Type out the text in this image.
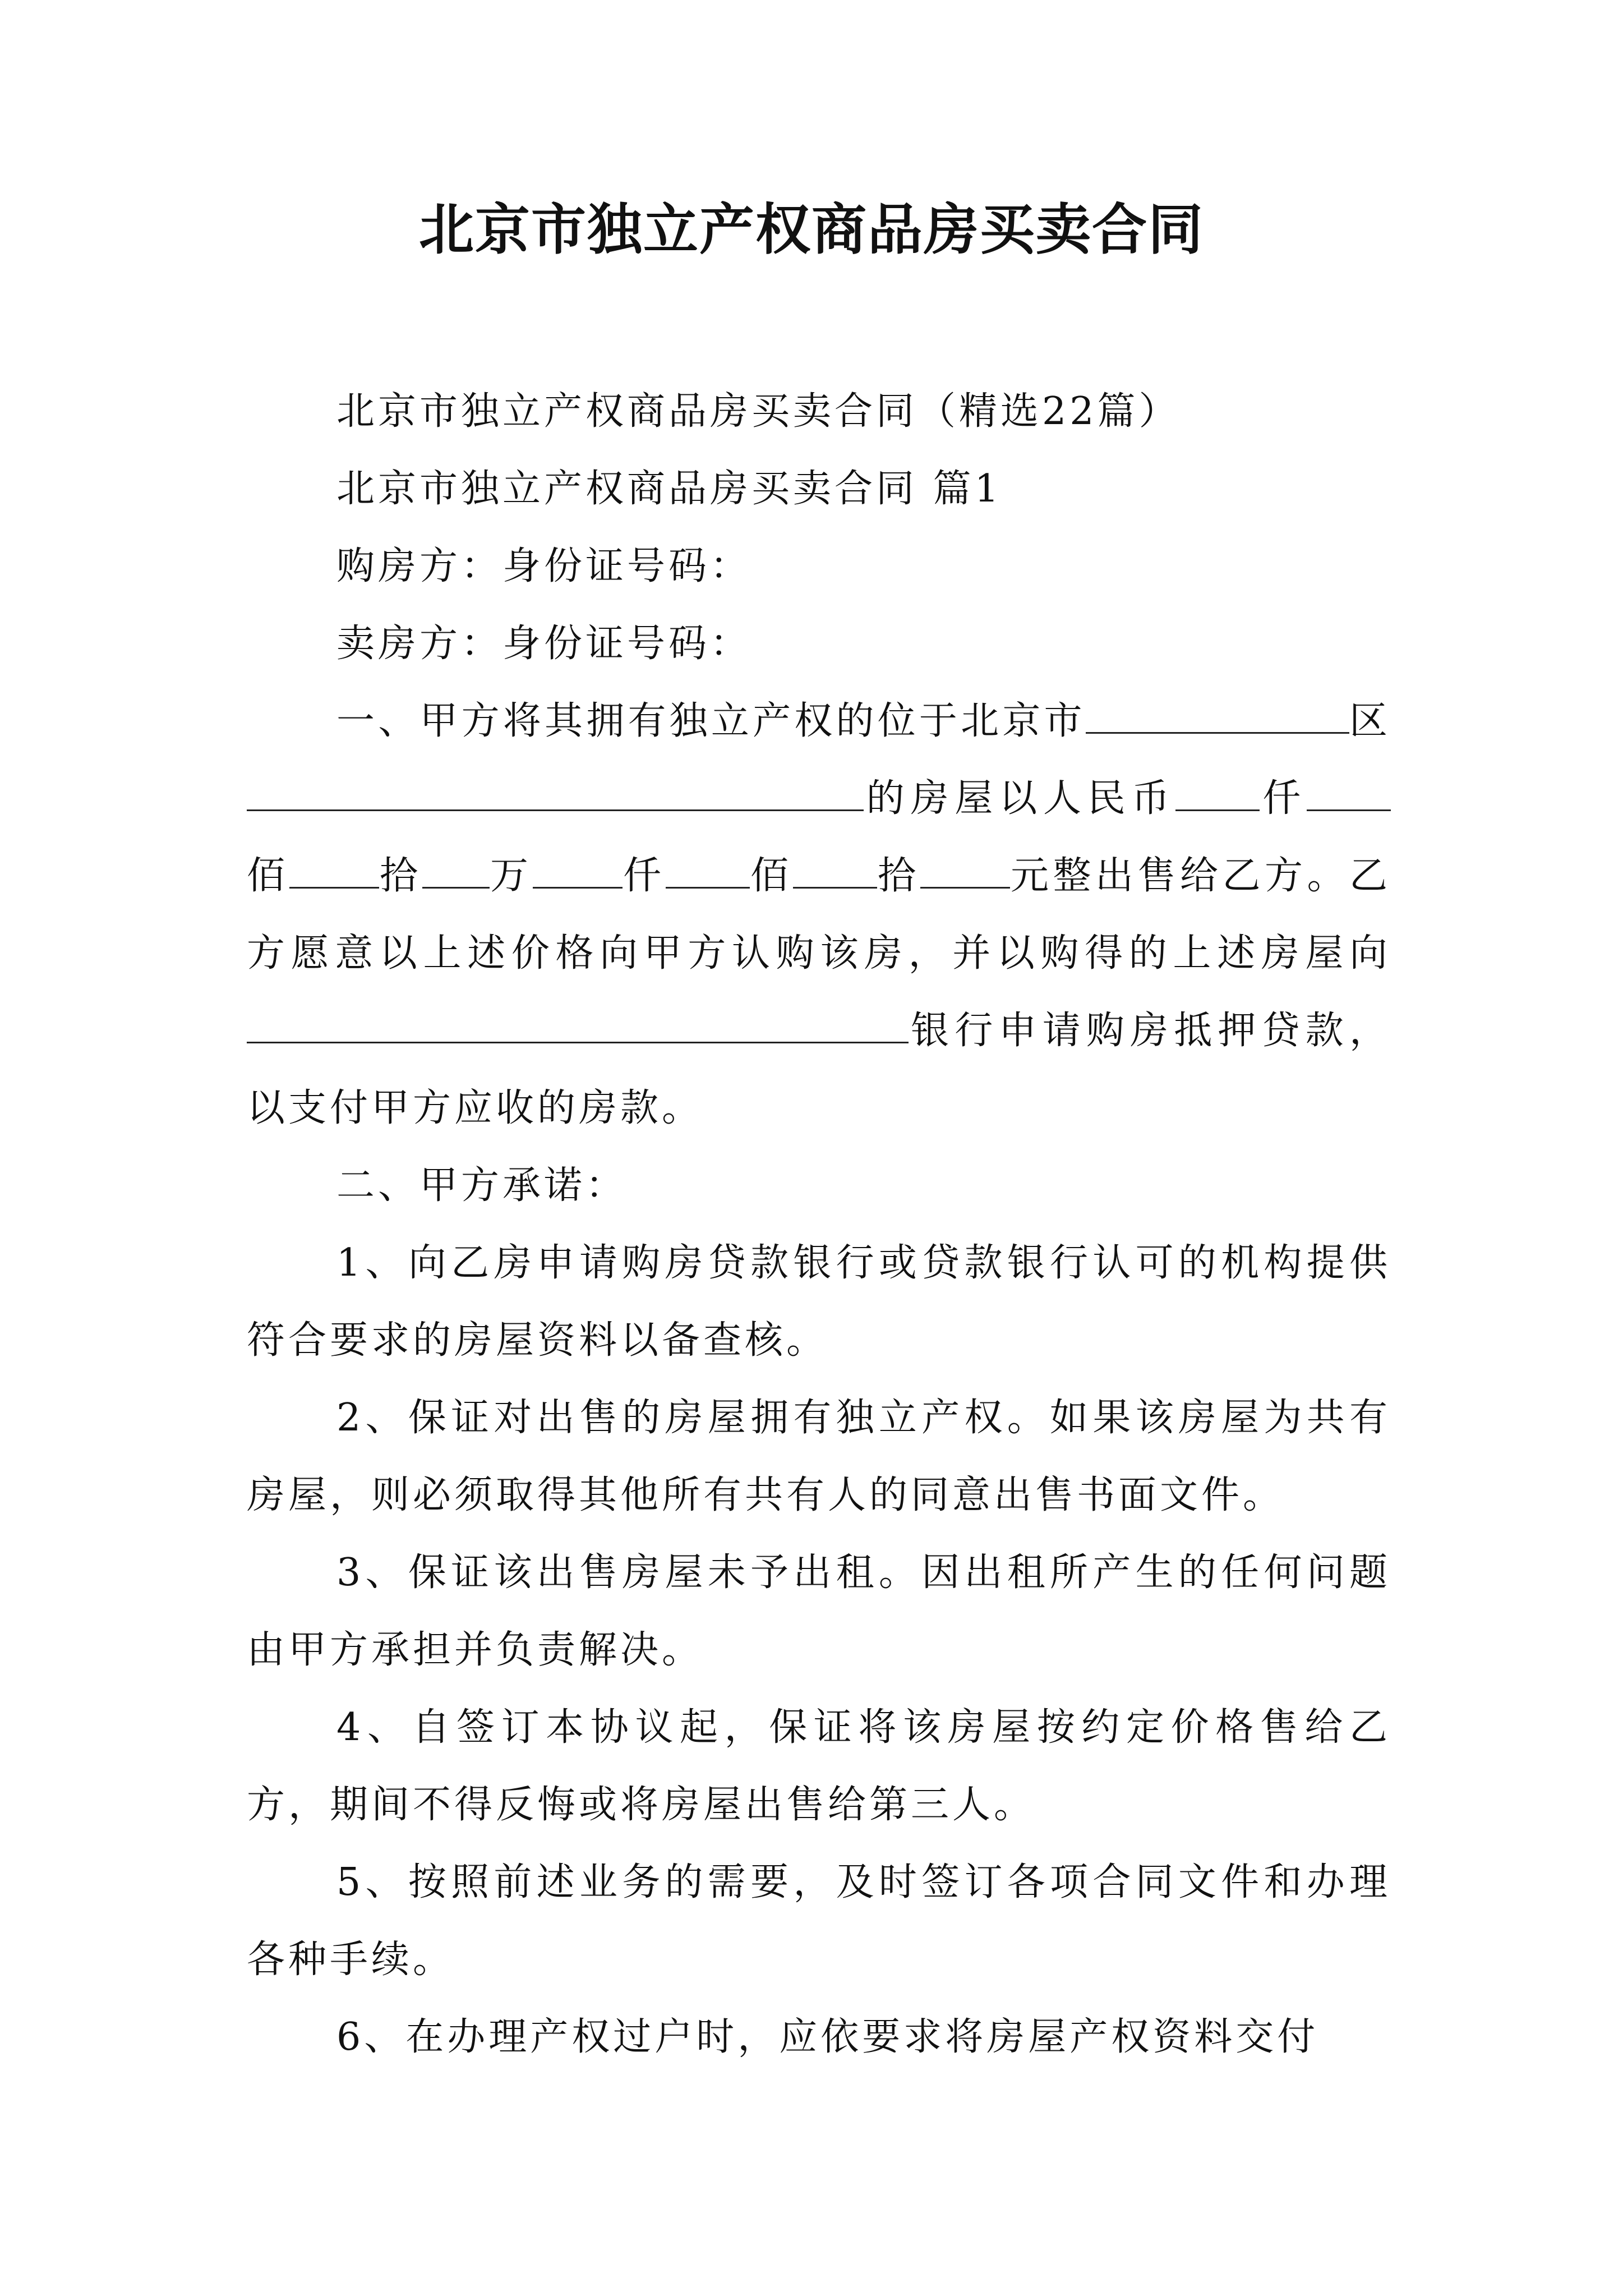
北京市独立产权商品房买卖合同

北京市独立产权商品房买卖合同（精选22篇）

北京市独立产权商品房买卖合同 篇1

购房方：身份证号码：

卖房方：身份证号码：

一、甲方将其拥有独立产权的位于北京市	区的房屋以人民币 仟佰 拾 万 仟 佰 拾 元整出售给乙方。乙方愿意以上述价格向甲方认购该房，并以购得的上述房屋向银行申请购房抵押贷款，以支付甲方应收的房款。

二、甲方承诺：

1、向乙房申请购房贷款银行或贷款银行认可的机构提供符合要求的房屋资料以备查核。

2、保证对出售的房屋拥有独立产权。如果该房屋为共有房屋，则必须取得其他所有共有人的同意出售书面文件。

3、保证该出售房屋未予出租。因出租所产生的任何问题由甲方承担并负责解决。

4、自签订本协议起，保证将该房屋按约定价格售给乙方，期间不得反悔或将房屋出售给第三人。

5、按照前述业务的需要，及时签订各项合同文件和办理各种手续。

6、在办理产权过户时，应依要求将房屋产权资料交付
